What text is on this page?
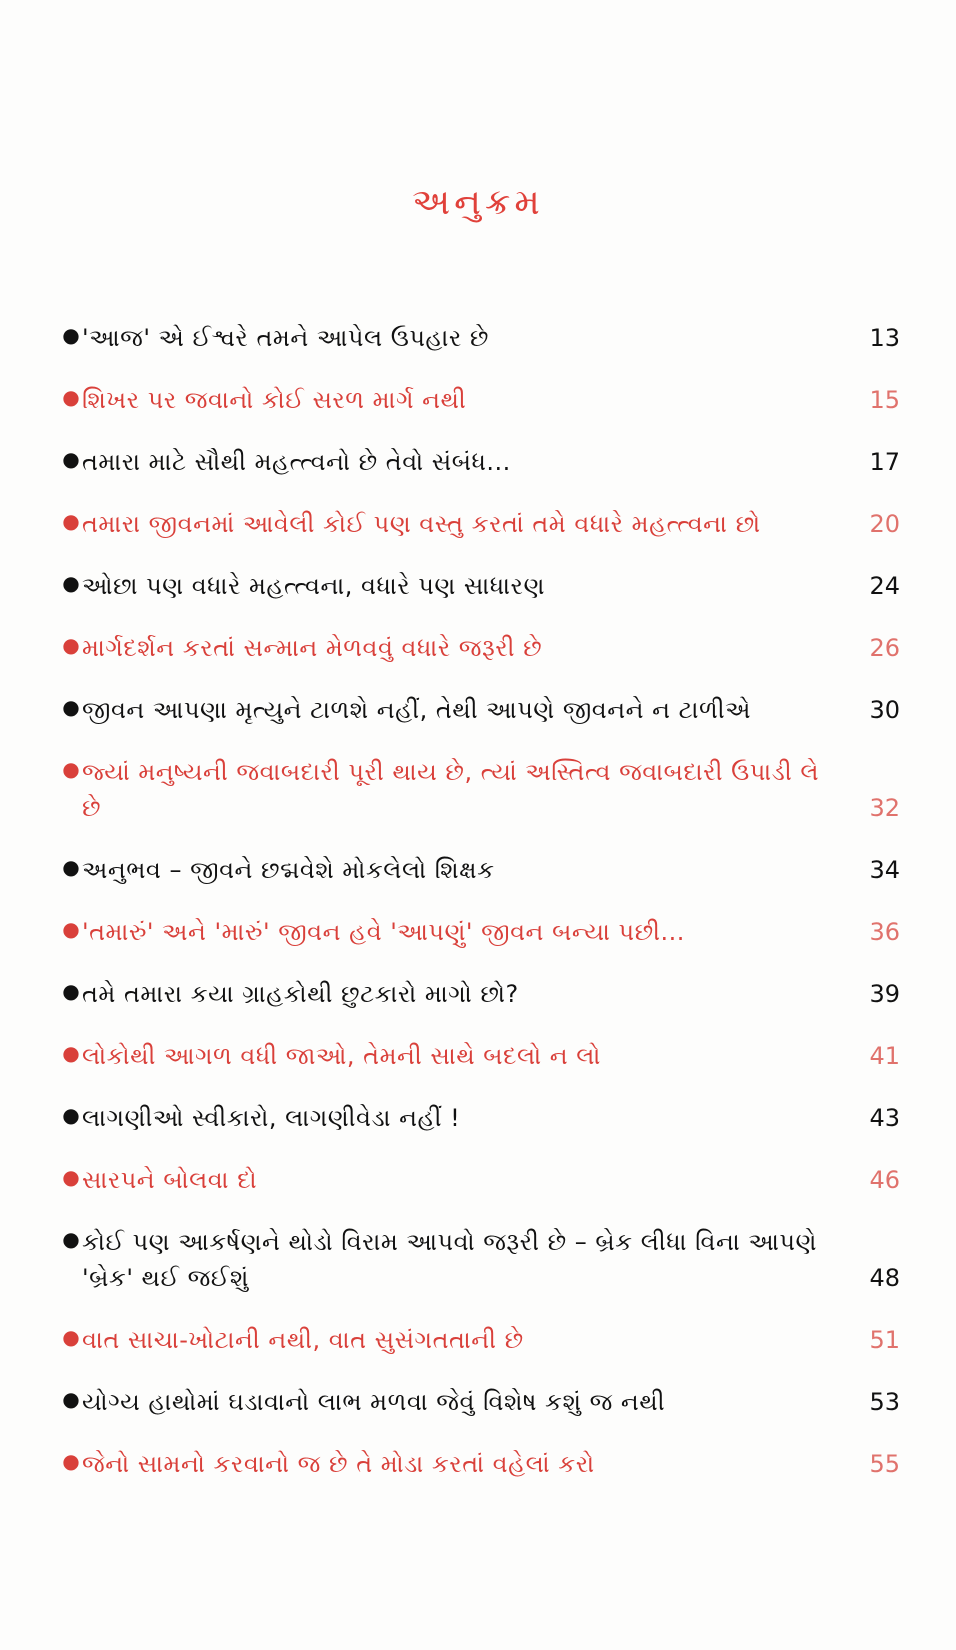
અનુક્રમ
● 'આજ' એ ઈશ્વરે તમને આપેલ ઉપહાર છે	13
● શિખર પર જવાનો કોઈ સરળ માર્ગ નથી	15
● તમારા માટે સૌથી મહત્ત્વનો છે તેવો સંબંધ...	17
● તમારા જીવનમાં આવેલી કોઈ પણ વસ્તુ કરતાં તમે વધારે મહત્ત્વના છો	20
● ઓછા પણ વધારે મહત્ત્વના, વધારે પણ સાધારણ	24
● માર્ગદર્શન કરતાં સન્માન મેળવવું વધારે જરૂરી છે	26
● જીવન આપણા મૃત્યુને ટાળશે નહીં, તેથી આપણે જીવનને ન ટાળીએ	30
● જ્યાં મનુષ્યની જવાબદારી પૂરી થાય છે, ત્યાં અસ્તિત્વ જવાબદારી ઉપાડી લે છે	32
● અનુભવ – જીવને છદ્મવેશે મોકલેલો શિક્ષક	34
● 'તમારું' અને 'મારું' જીવન હવે 'આપણું' જીવન બન્યા પછી...	36
● તમે તમારા કયા ગ્રાહકોથી છુટકારો માગો છો?	39
● લોકોથી આગળ વધી જાઓ, તેમની સાથે બદલો ન લો	41
● લાગણીઓ સ્વીકારો, લાગણીવેડા નહીં !	43
● સારપને બોલવા દો	46
● કોઈ પણ આકર્ષણને થોડો વિરામ આપવો જરૂરી છે – બ્રેક લીધા વિના આપણે 'બ્રેક' થઈ જઈશું	48
● વાત સાચા-ખોટાની નથી, વાત સુસંગતતાની છે	51
● યોગ્ય હાથોમાં ઘડાવાનો લાભ મળવા જેવું વિશેષ કશું જ નથી	53
● જેનો સામનો કરવાનો જ છે તે મોડા કરતાં વહેલાં કરો	55
